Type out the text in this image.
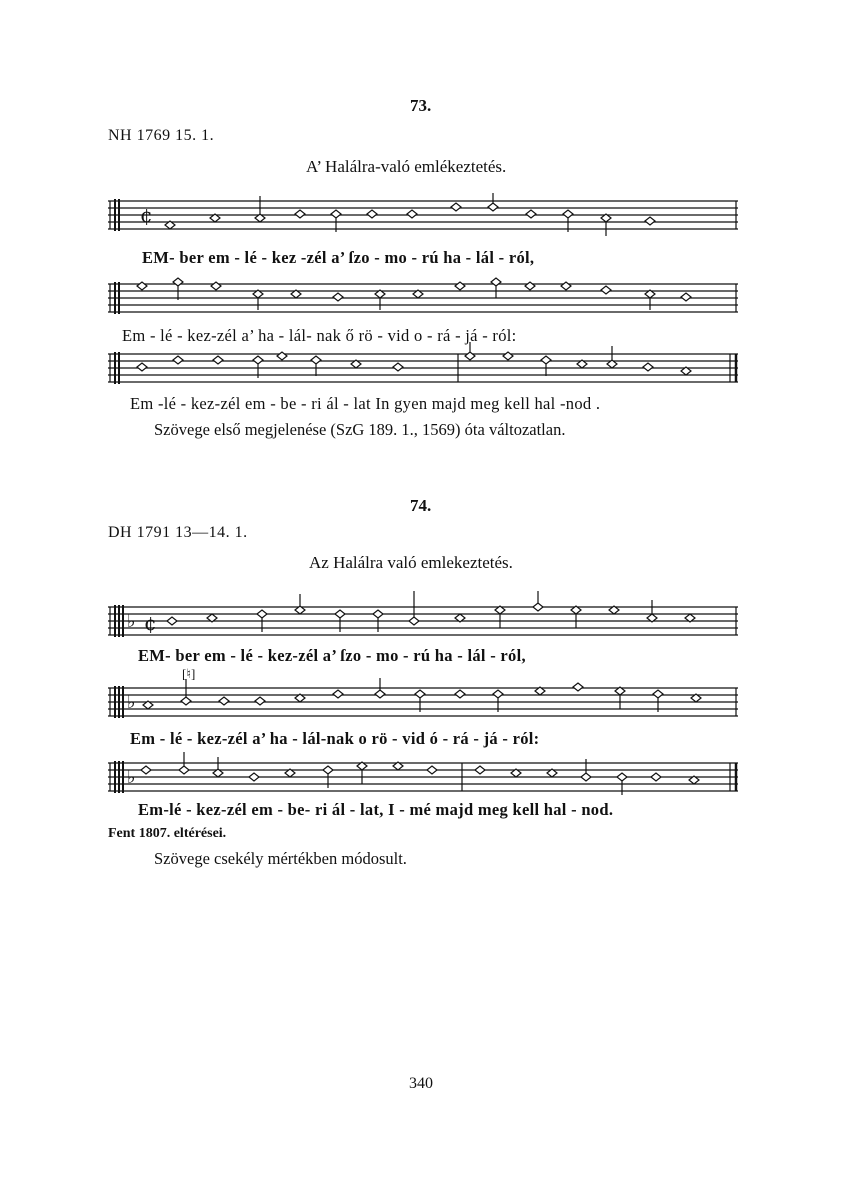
73.
NH 1769 15. 1.
A’ Halálra-való emlékeztetés.
¢
♭
♭
♭
¢
EM- ber em - lé - kez -zél a’ ſzo - mo - rú ha - lál - ról,
Em - lé - kez-zél a’ ha - lál- nak ő rö - vid o - rá - já - ról:
Em -lé - kez-zél em - be - ri ál - lat In gyen majd meg kell hal -nod .
Szövege első megjelenése (SzG 189. 1., 1569) óta változatlan.
74.
DH 1791 13—14. 1.
Az Halálra való emlekeztetés.
EM- ber em - lé - kez-zél a’ ſzo - mo - rú ha - lál - ról,
[♮]
Em - lé - kez-zél a’ ha - lál-nak o rö - vid ó - rá - já - ról:
Em-lé - kez-zél em - be- ri ál - lat, I - mé majd meg kell hal - nod.
Fent 1807. eltérései.
Szövege csekély mértékben módosult.
340
